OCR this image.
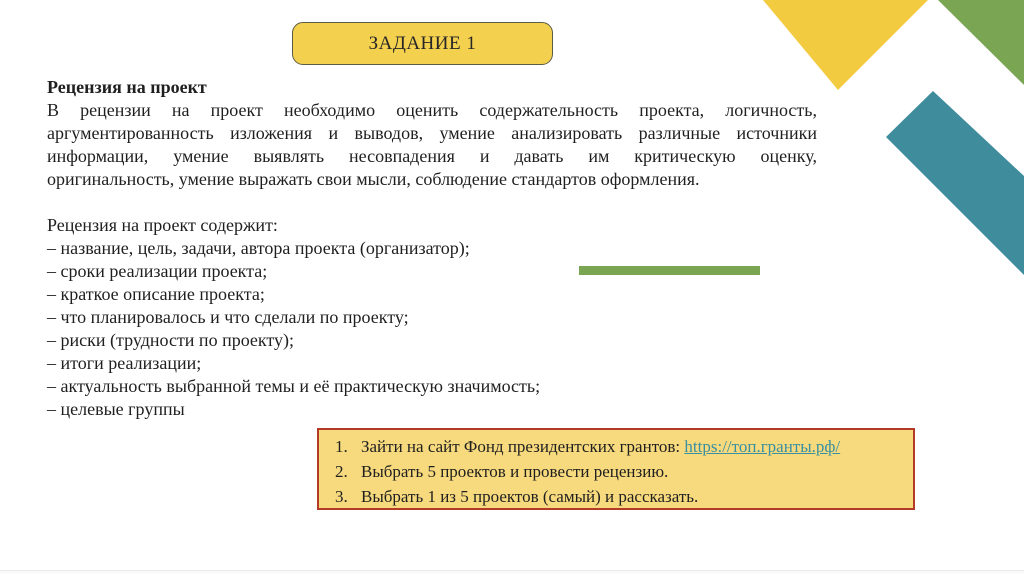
ЗАДАНИЕ 1
Рецензия на проект
В рецензии на проект необходимо оценить содержательность проекта, логичность,
аргументированность изложения и выводов, умение анализировать различные источники
информации, умение выявлять несовпадения и давать им критическую оценку,
оригинальность, умение выражать свои мысли, соблюдение стандартов оформления.
Рецензия на проект содержит:
– название, цель, задачи, автора проекта (организатор);
– сроки реализации проекта;
– краткое описание проекта;
– что планировалось и что сделали по проекту;
– риски (трудности по проекту);
– итоги реализации;
– актуальность выбранной темы и её практическую значимость;
– целевые группы
1. Зайти на сайт Фонд президентских грантов: https://топ.гранты.рф/
2. Выбрать 5 проектов и провести рецензию.
3. Выбрать 1 из 5 проектов (самый) и рассказать.
